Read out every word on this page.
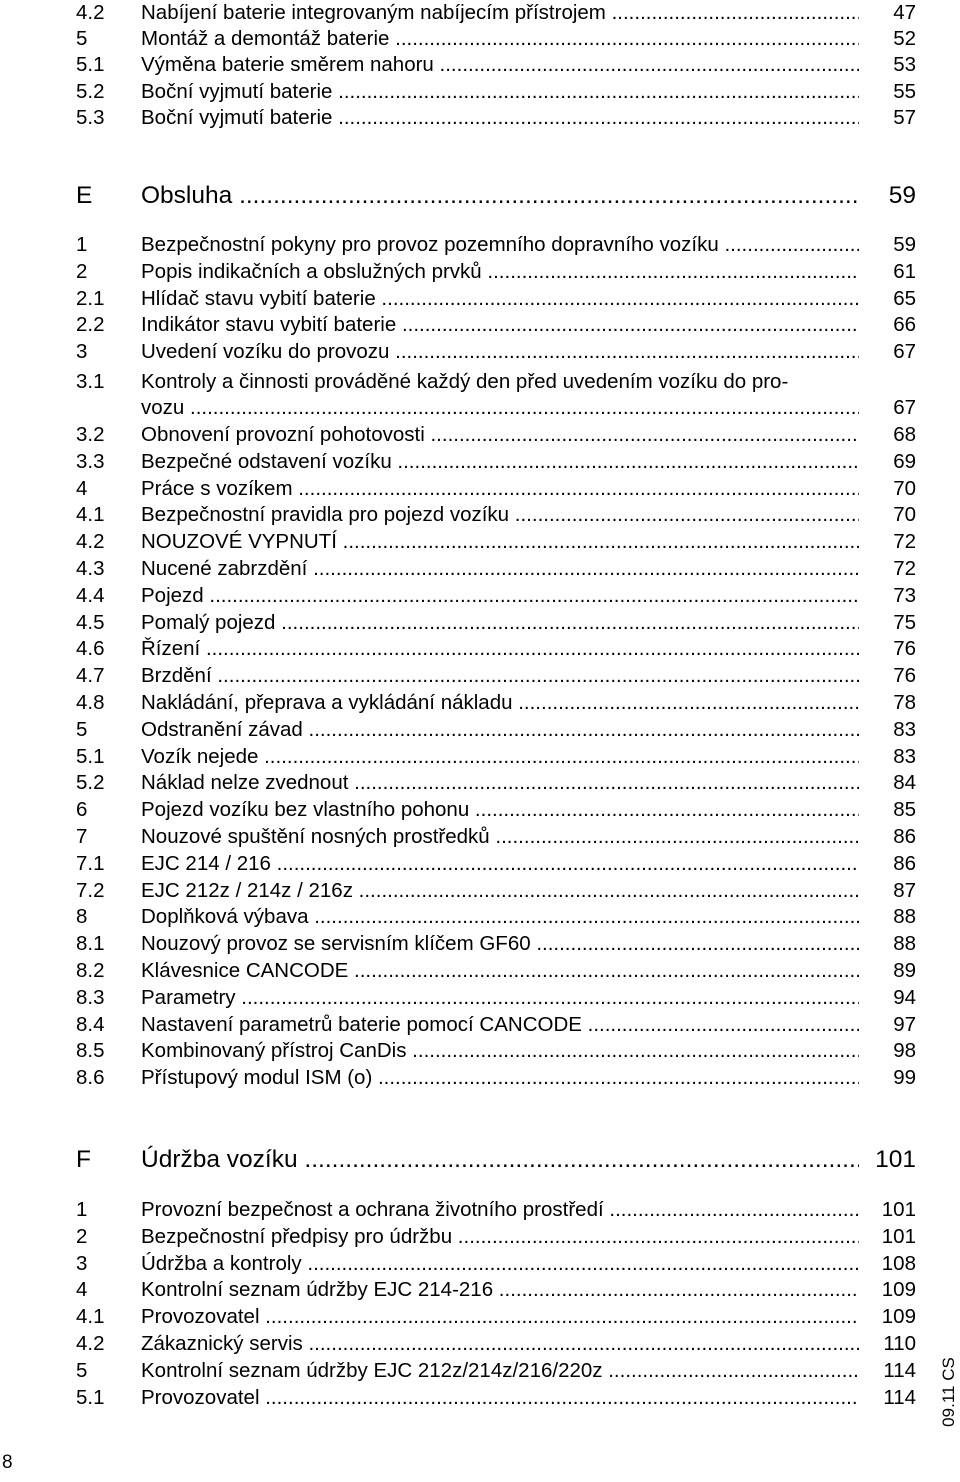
4.2 Nabíjení baterie integrovaným nabíjecím přístrojem .....	47
5	Montáž a demontáž baterie .....	52
5.1 Výměna baterie směrem nahoru .....	53
5.2 Boční vyjmutí baterie .....	55
5.3 Boční vyjmutí baterie .....	57
E Obsluha .....	59
1	Bezpečnostní pokyny pro provoz pozemního dopravního vozíku .....	59
2	Popis indikačních a obslužných prvků .....	61
2.1 Hlídač stavu vybití baterie .....	65
2.2 Indikátor stavu vybití baterie .....	66
3	Uvedení vozíku do provozu .....	67
3.1 Kontroly a činnosti prováděné každý den před uvedením vozíku do pro-
vozu .....	67
3.2 Obnovení provozní pohotovosti .....	68
3.3 Bezpečné odstavení vozíku .....	69
4	Práce s vozíkem .....	70
4.1 Bezpečnostní pravidla pro pojezd vozíku .....	70
4.2 NOUZOVÉ VYPNUTÍ .....	72
4.3 Nucené zabrzdění .....	72
4.4 Pojezd .....	73
4.5 Pomalý pojezd .....	75
4.6 Řízení .....	76
4.7 Brzdění .....	76
4.8 Nakládání, přeprava a vykládání nákladu .....	78
5	Odstranění závad .....	83
5.1 Vozík nejede .....	83
5.2 Náklad nelze zvednout .....	84
6	Pojezd vozíku bez vlastního pohonu .....	85
7	Nouzové spuštění nosných prostředků .....	86
7.1 EJC 214 / 216 .....	86
7.2 EJC 212z / 214z / 216z .....	87
8	Doplňková výbava .....	88
8.1 Nouzový provoz se servisním klíčem GF60 .....	88
8.2 Klávesnice CANCODE .....	89
8.3 Parametry .....	94
8.4 Nastavení parametrů baterie pomocí CANCODE .....	97
8.5 Kombinovaný přístroj CanDis .....	98
8.6 Přístupový modul ISM (o) .....	99
F Údržba vozíku .....	101
1	Provozní bezpečnost a ochrana životního prostředí .....	101
2	Bezpečnostní předpisy pro údržbu .....	101
3	Údržba a kontroly .....	108
4	Kontrolní seznam údržby EJC 214-216 .....	109
4.1 Provozovatel .....	109
4.2 Zákaznický servis .....	110
5	Kontrolní seznam údržby EJC 212z/214z/216/220z .....	114
5.1 Provozovatel .....	114 09.11 CS
8
